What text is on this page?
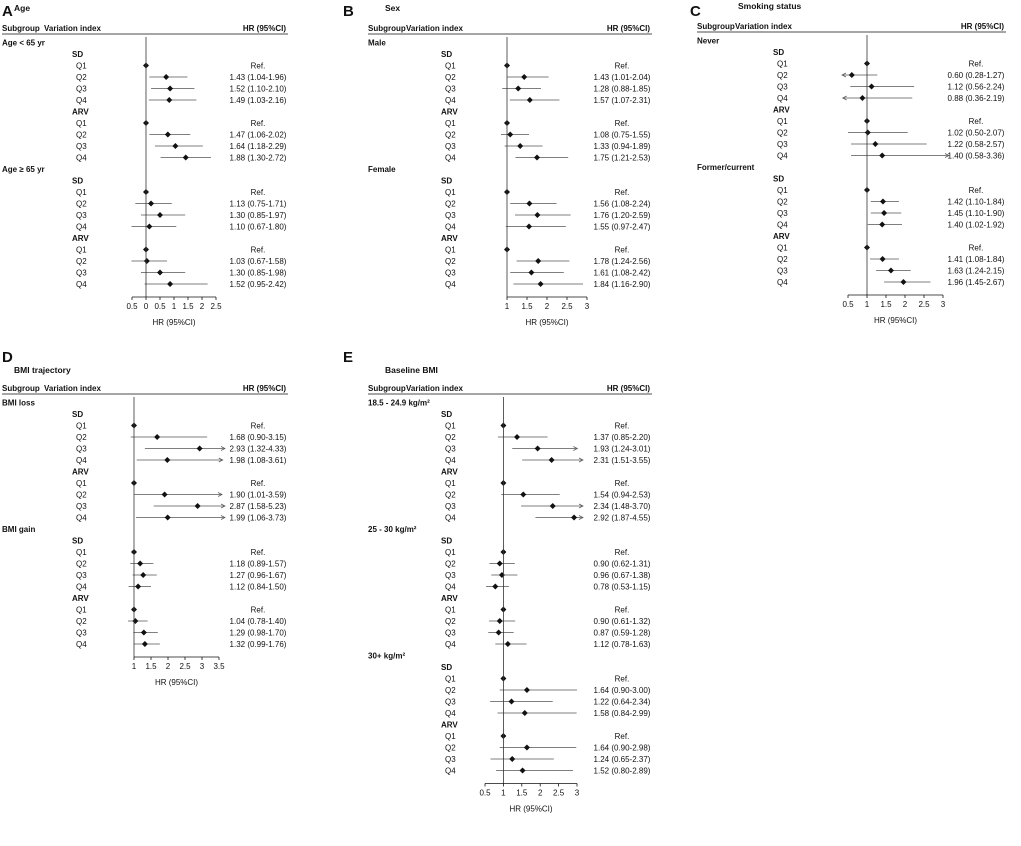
A Age
Subgroup Variation index	HR (95%CI)
Age < 65 yr
SD
Q1	Ref.
Q2	1.43 (1.04-1.96)
Q3	1.52 (1.10-2.10)
Q4	1.49 (1.03-2.16)
ARV
Q1	Ref.
Q2	1.47 (1.06-2.02)
Q3	1.64 (1.18-2.29)
Q4	1.88 (1.30-2.72)
Age ≥ 65 yr
SD
Q1	Ref.
Q2	1.13 (0.75-1.71)
Q3	1.30 (0.85-1.97)
Q4	1.10 (0.67-1.80)
ARV
Q1	Ref.
Q2	1.03 (0.67-1.58)
Q3	1.30 (0.85-1.98)
Q4	1.52 (0.95-2.42)
0.5 0 0.5 1 1.5 2 2.5
HR (95%CI)
B	Sex
Subgroup Variation index	HR (95%CI)
Male
SD
Q1	Ref.
Q2	1.43 (1.01-2.04)
Q3	1.28 (0.88-1.85)
Q4	1.57 (1.07-2.31)
ARV
Q1	Ref.
Q2	1.08 (0.75-1.55)
Q3	1.33 (0.94-1.89)
Q4	1.75 (1.21-2.53)
Female
SD
Q1	Ref.
Q2	1.56 (1.08-2.24)
Q3	1.76 (1.20-2.59)
Q4	1.55 (0.97-2.47)
ARV
Q1	Ref.
Q2	1.78 (1.24-2.56)
Q3	1.61 (1.08-2.42)
Q4	1.84 (1.16-2.90)
1 1.5 2 2.5 3
HR (95%CI)
C	Smoking status
Subgroup Variation index	HR (95%CI)
Never
SD
Q1	Ref.
Q2	0.60 (0.28-1.27)
Q3	1.12 (0.56-2.24)
Q4	0.88 (0.36-2.19)
ARV
Q1	Ref.
Q2	1.02 (0.50-2.07)
Q3	1.22 (0.58-2.57)
Q4	1.40 (0.58-3.36)
Former/current
SD
Q1	Ref.
Q2	1.42 (1.10-1.84)
Q3	1.45 (1.10-1.90)
Q4	1.40 (1.02-1.92)
ARV
Q1	Ref.
Q2	1.41 (1.08-1.84)
Q3	1.63 (1.24-2.15)
Q4	1.96 (1.45-2.67)
0.5 1 1.5 2 2.5 3
HR (95%CI)
D
BMI trajectory
Subgroup Variation index	HR (95%CI)
BMI loss
SD
Q1	Ref.
Q2	1.68 (0.90-3.15)
Q3	2.93 (1.32-4.33)
Q4	1.98 (1.08-3.61)
ARV
Q1	Ref.
Q2	1.90 (1.01-3.59)
Q3	2.87 (1.58-5.23)
Q4	1.99 (1.06-3.73)
BMI gain
SD
Q1	Ref.
Q2	1.18 (0.89-1.57)
Q3	1.27 (0.96-1.67)
Q4	1.12 (0.84-1.50)
ARV
Q1	Ref.
Q2	1.04 (0.78-1.40)
Q3	1.29 (0.98-1.70)
Q4	1.32 (0.99-1.76)
1 1.5 2 2.5 3 3.5
HR (95%CI)
E
Baseline BMI
Subgroup Variation index	HR (95%CI)
18.5 - 24.9 kg/m²
SD
Q1	Ref.
Q2	1.37 (0.85-2.20)
Q3	1.93 (1.24-3.01)
Q4	2.31 (1.51-3.55)
ARV
Q1	Ref.
Q2	1.54 (0.94-2.53)
Q3	2.34 (1.48-3.70)
Q4	2.92 (1.87-4.55)
25 - 30 kg/m²
SD
Q1	Ref.
Q2	0.90 (0.62-1.31)
Q3	0.96 (0.67-1.38)
Q4	0.78 (0.53-1.15)
ARV
Q1	Ref.
Q2	0.90 (0.61-1.32)
Q3	0.87 (0.59-1.28)
Q4	1.12 (0.78-1.63)
30+ kg/m²
SD
Q1	Ref.
Q2	1.64 (0.90-3.00)
Q3	1.22 (0.64-2.34)
Q4	1.58 (0.84-2.99)
ARV
Q1	Ref.
Q2	1.64 (0.90-2.98)
Q3	1.24 (0.65-2.37)
Q4	1.52 (0.80-2.89)
0.5 1 1.5 2 2.5 3
HR (95%CI)
